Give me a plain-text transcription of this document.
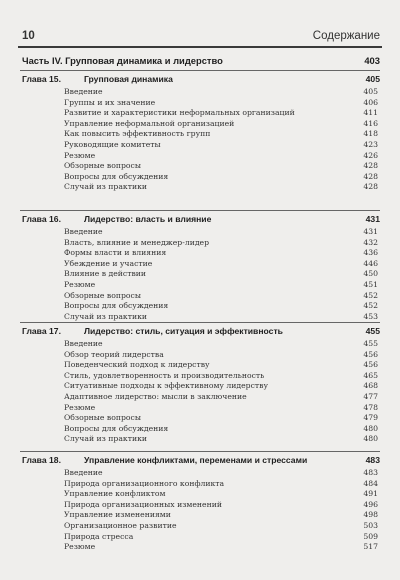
10	Содержание
Часть IV. Групповая динамика и лидерство	403
Глава 15.	Групповая динамика	405
Введение	405
Группы и их значение	406
Развитие и характеристики неформальных организаций	411
Управление неформальной организацией	416
Как повысить эффективность групп	418
Руководящие комитеты	423
Резюме	426
Обзорные вопросы	428
Вопросы для обсуждения	428
Случай из практики	428
Глава 16.	Лидерство: власть и влияние	431
Введение	431
Власть, влияние и менеджер-лидер	432
Формы власти и влияния	436
Убеждение и участие	446
Влияние в действии	450
Резюме	451
Обзорные вопросы	452
Вопросы для обсуждения	452
Случай из практики	453
Глава 17.	Лидерство: стиль, ситуация и эффективность	455
Введение	455
Обзор теорий лидерства	456
Поведенческий подход к лидерству	456
Стиль, удовлетворенность и производительность	465
Ситуативные подходы к эффективному лидерству	468
Адаптивное лидерство: мысли в заключение	477
Резюме	478
Обзорные вопросы	479
Вопросы для обсуждения	480
Случай из практики	480
Глава 18.	Управление конфликтами, переменами и стрессами	483
Введение	483
Природа организационного конфликта	484
Управление конфликтом	491
Природа организационных изменений	496
Управление изменениями	498
Организационное развитие	503
Природа стресса	509
Резюме	517
